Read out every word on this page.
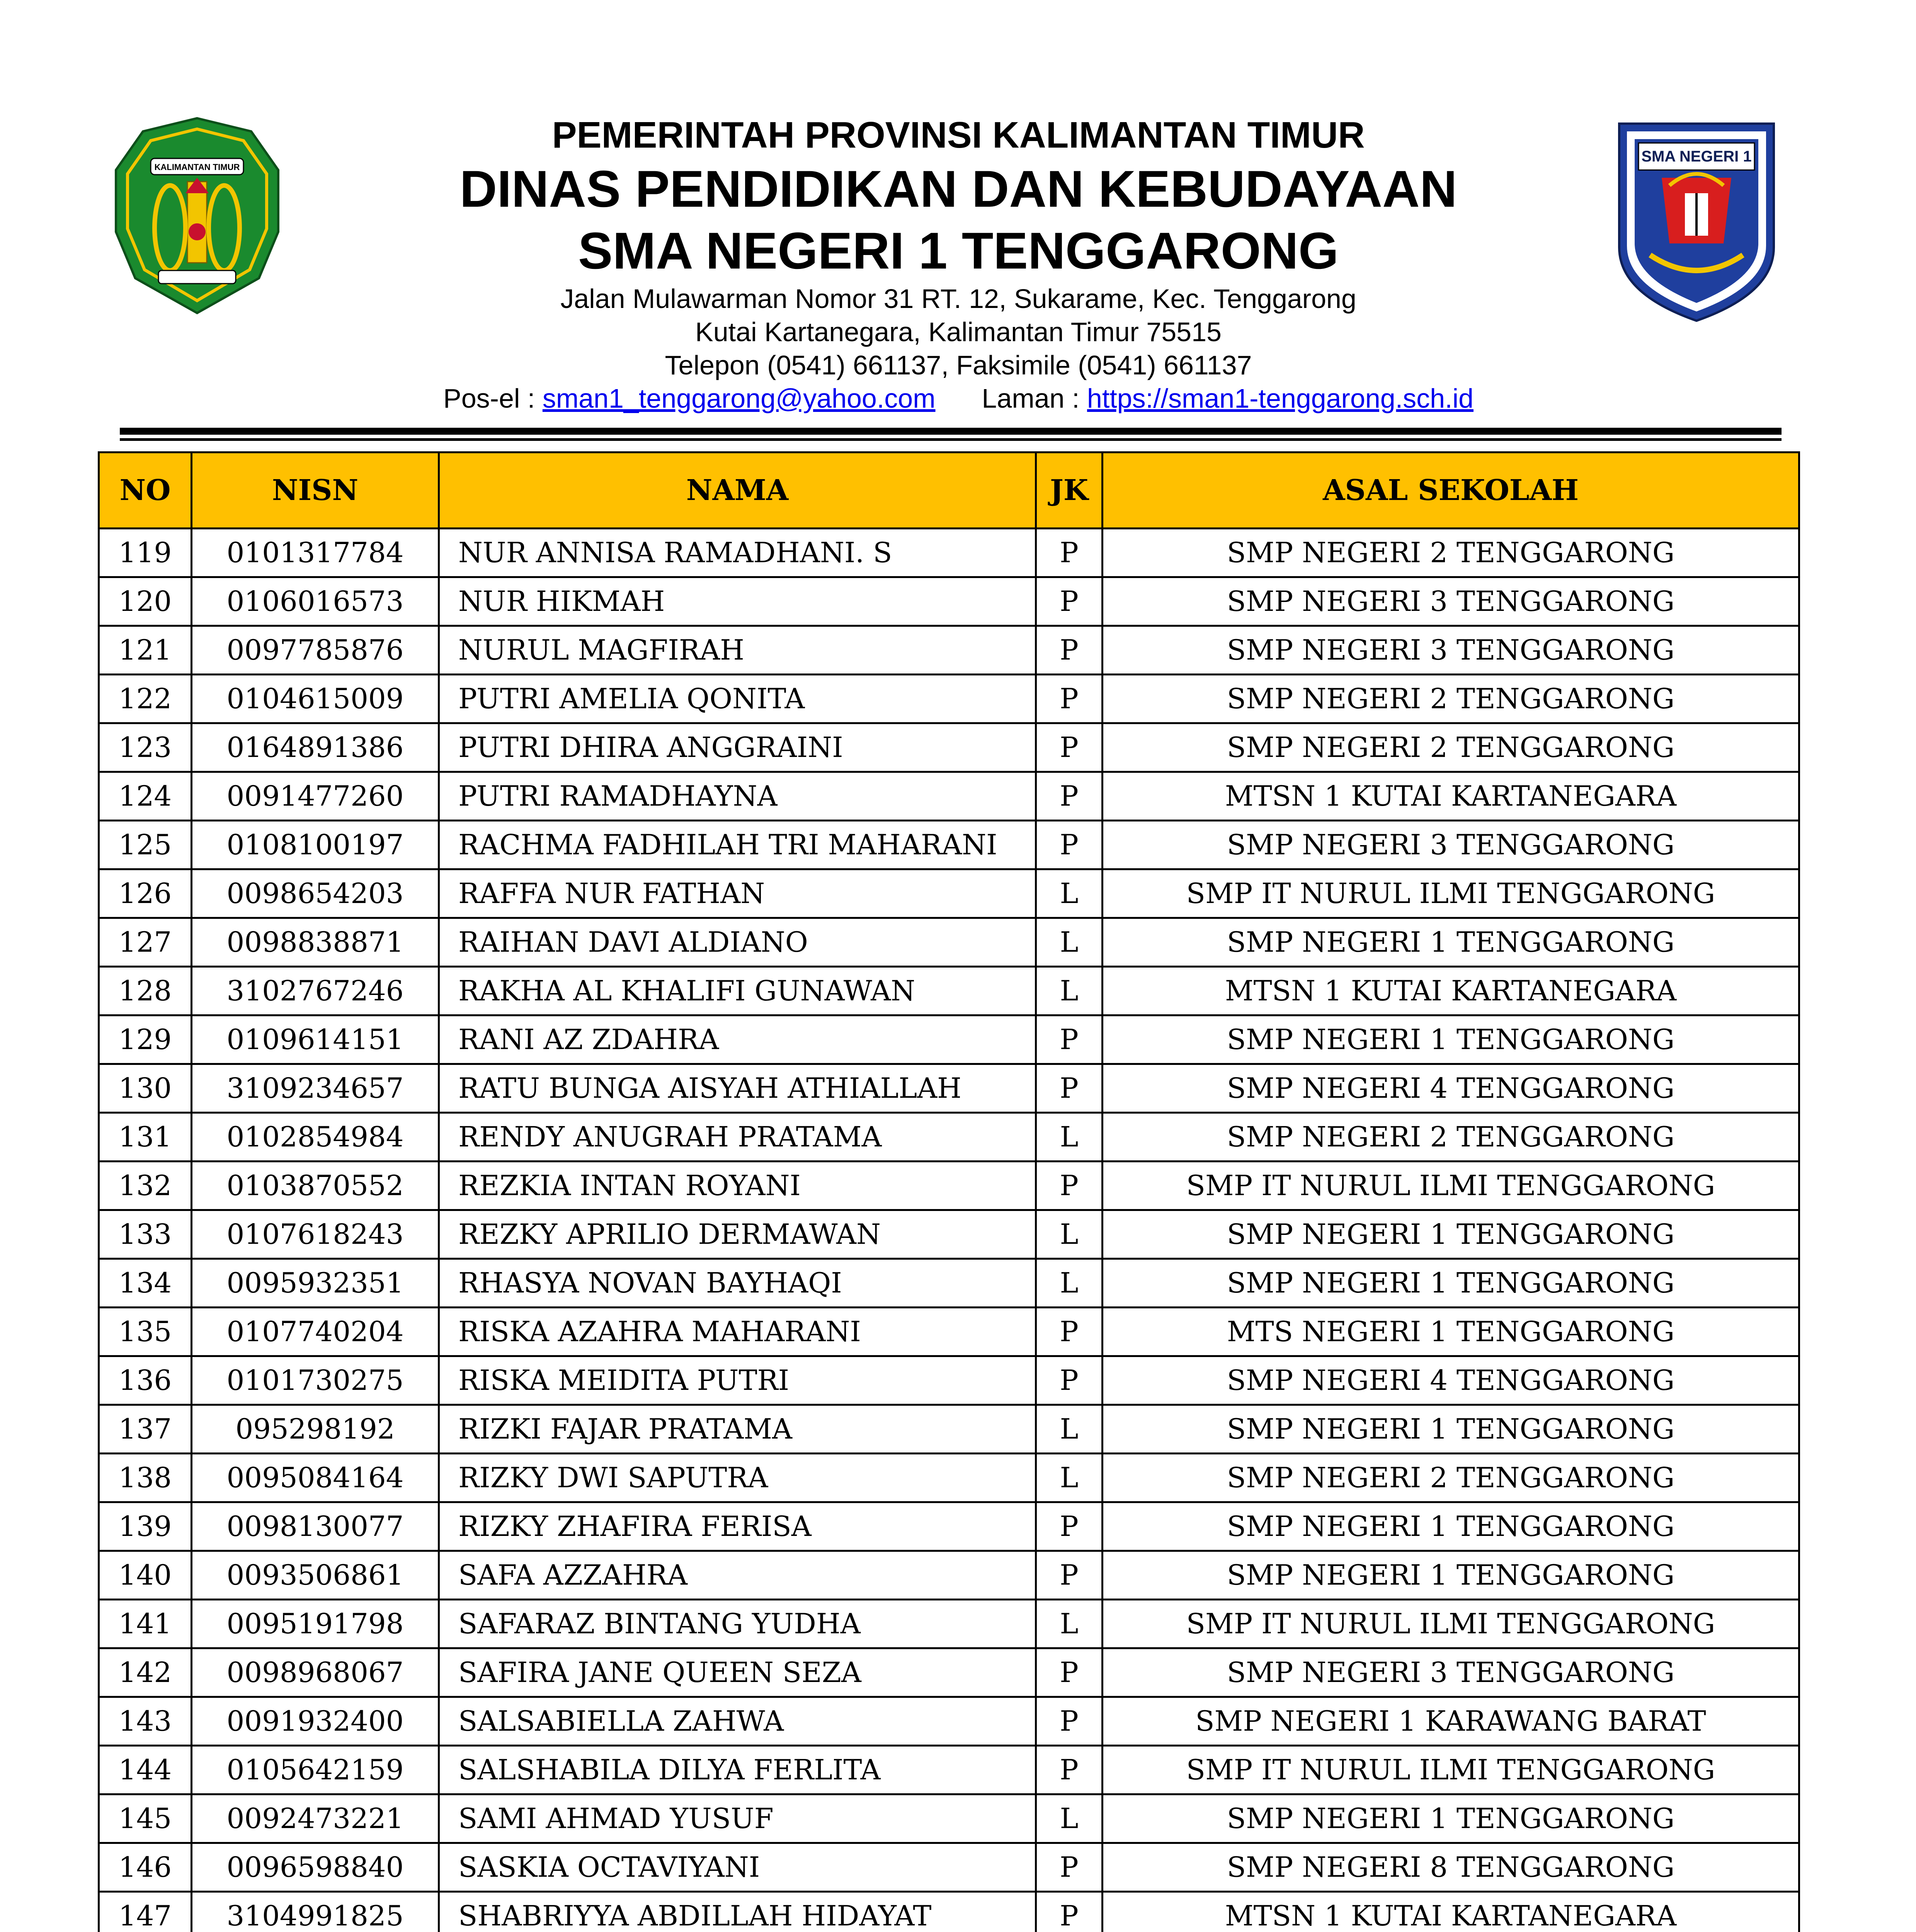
KALIMANTAN TIMUR
SMA NEGERI 1
PEMERINTAH PROVINSI KALIMANTAN TIMUR
DINAS PENDIDIKAN DAN KEBUDAYAAN
SMA NEGERI 1 TENGGARONG
Jalan Mulawarman Nomor 31 RT. 12, Sukarame, Kec. Tenggarong
Kutai Kartanegara, Kalimantan Timur 75515
Telepon (0541) 661137, Faksimile (0541) 661137
Pos-el : sman1_tenggarong@yahoo.com Laman : https://sman1-tenggarong.sch.id
NO	NISN	NAMA	JK	ASAL SEKOLAH
119	0101317784	NUR ANNISA RAMADHANI. S	P	SMP NEGERI 2 TENGGARONG
120	0106016573	NUR HIKMAH	P	SMP NEGERI 3 TENGGARONG
121	0097785876	NURUL MAGFIRAH	P	SMP NEGERI 3 TENGGARONG
122	0104615009	PUTRI AMELIA QONITA	P	SMP NEGERI 2 TENGGARONG
123	0164891386	PUTRI DHIRA ANGGRAINI	P	SMP NEGERI 2 TENGGARONG
124	0091477260	PUTRI RAMADHAYNA	P	MTSN 1 KUTAI KARTANEGARA
125	0108100197	RACHMA FADHILAH TRI MAHARANI	P	SMP NEGERI 3 TENGGARONG
126	0098654203	RAFFA NUR FATHAN	L	SMP IT NURUL ILMI TENGGARONG
127	0098838871	RAIHAN DAVI ALDIANO	L	SMP NEGERI 1 TENGGARONG
128	3102767246	RAKHA AL KHALIFI GUNAWAN	L	MTSN 1 KUTAI KARTANEGARA
129	0109614151	RANI AZ ZDAHRA	P	SMP NEGERI 1 TENGGARONG
130	3109234657	RATU BUNGA AISYAH ATHIALLAH	P	SMP NEGERI 4 TENGGARONG
131	0102854984	RENDY ANUGRAH PRATAMA	L	SMP NEGERI 2 TENGGARONG
132	0103870552	REZKIA INTAN ROYANI	P	SMP IT NURUL ILMI TENGGARONG
133	0107618243	REZKY APRILIO DERMAWAN	L	SMP NEGERI 1 TENGGARONG
134	0095932351	RHASYA NOVAN BAYHAQI	L	SMP NEGERI 1 TENGGARONG
135	0107740204	RISKA AZAHRA MAHARANI	P	MTS NEGERI 1 TENGGARONG
136	0101730275	RISKA MEIDITA PUTRI	P	SMP NEGERI 4 TENGGARONG
137	095298192	RIZKI FAJAR PRATAMA	L	SMP NEGERI 1 TENGGARONG
138	0095084164	RIZKY DWI SAPUTRA	L	SMP NEGERI 2 TENGGARONG
139	0098130077	RIZKY ZHAFIRA FERISA	P	SMP NEGERI 1 TENGGARONG
140	0093506861	SAFA AZZAHRA	P	SMP NEGERI 1 TENGGARONG
141	0095191798	SAFARAZ BINTANG YUDHA	L	SMP IT NURUL ILMI TENGGARONG
142	0098968067	SAFIRA JANE QUEEN SEZA	P	SMP NEGERI 3 TENGGARONG
143	0091932400	SALSABIELLA ZAHWA	P	SMP NEGERI 1 KARAWANG BARAT
144	0105642159	SALSHABILA DILYA FERLITA	P	SMP IT NURUL ILMI TENGGARONG
145	0092473221	SAMI AHMAD YUSUF	L	SMP NEGERI 1 TENGGARONG
146	0096598840	SASKIA OCTAVIYANI	P	SMP NEGERI 8 TENGGARONG
147	3104991825	SHABRIYYA ABDILLAH HIDAYAT	P	MTSN 1 KUTAI KARTANEGARA
